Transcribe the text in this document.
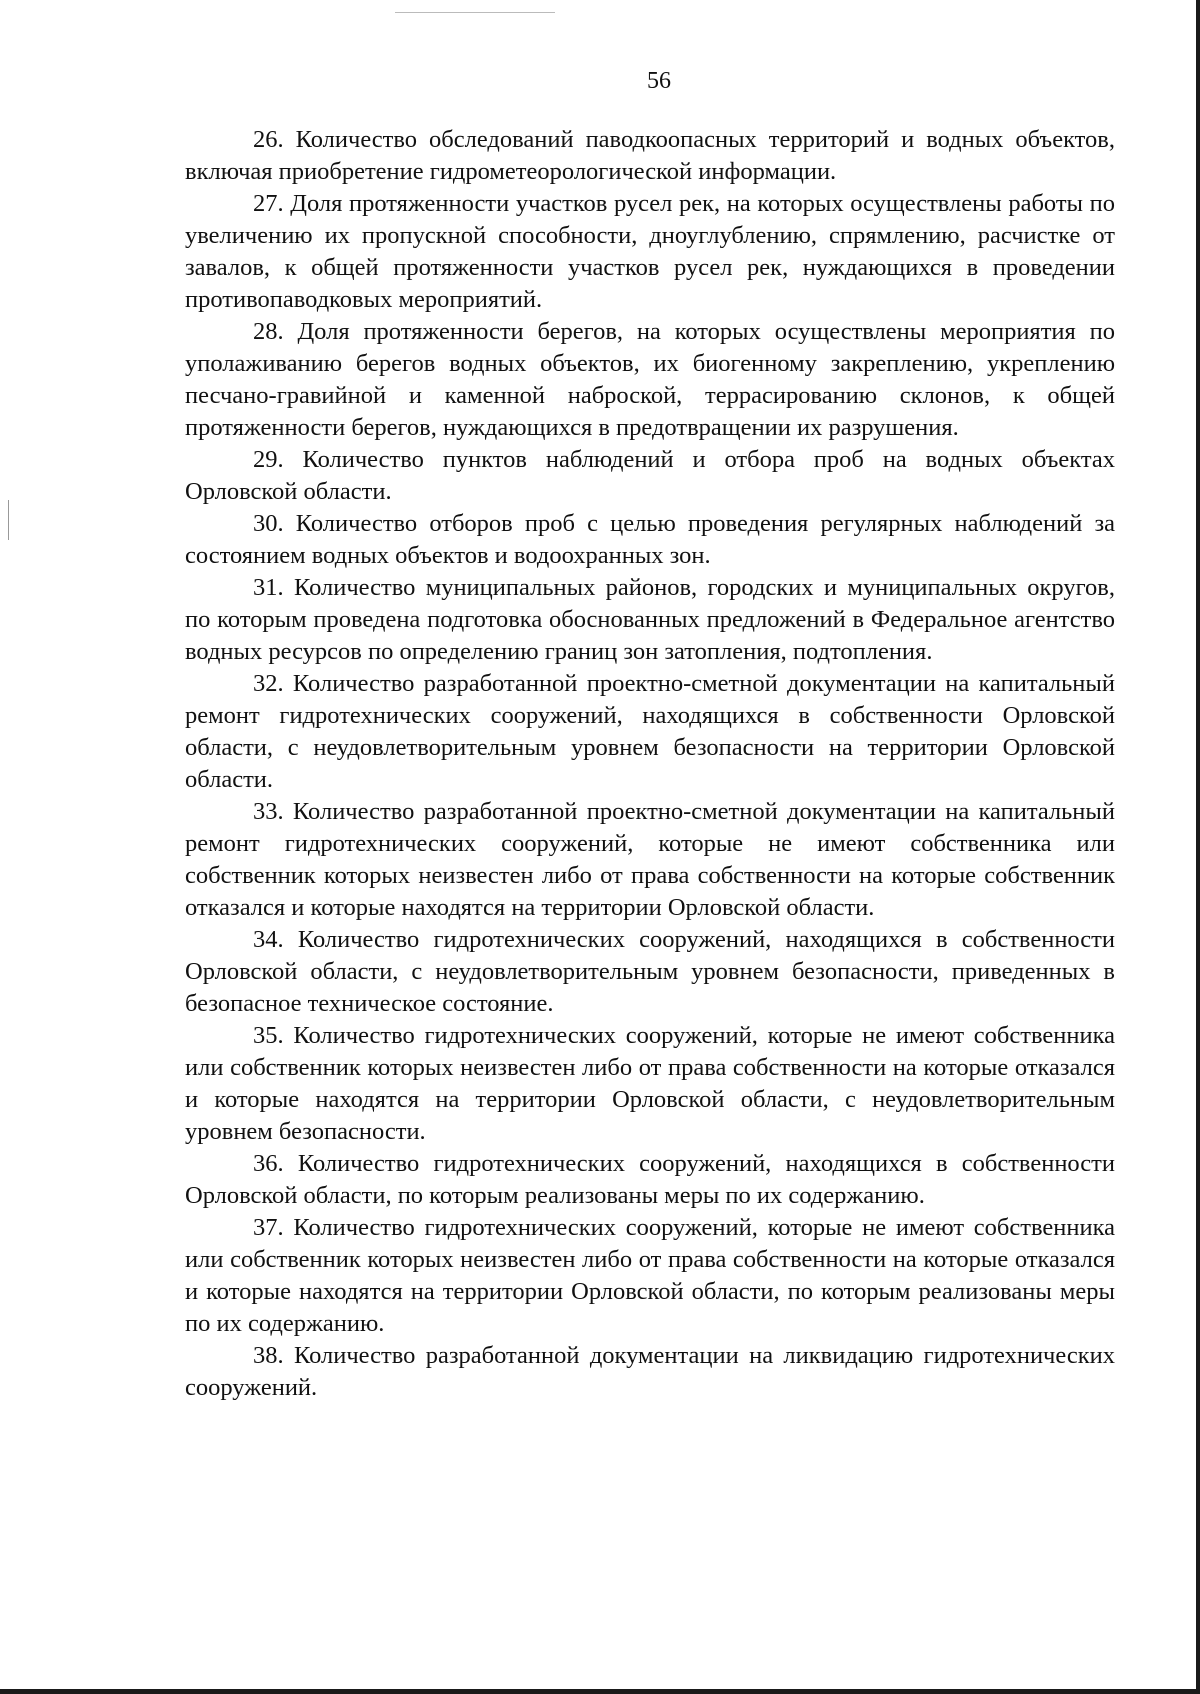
56

26. Количество обследований паводкоопасных территорий и водных объектов, включая приобретение гидрометеорологической информации.

27. Доля протяженности участков русел рек, на которых осуществлены работы по увеличению их пропускной способности, дноуглублению, спрямлению, расчистке от завалов, к общей протяженности участков русел рек, нуждающихся в проведении противопаводковых мероприятий.

28. Доля протяженности берегов, на которых осуществлены мероприятия по уполаживанию берегов водных объектов, их биогенному закреплению, укреплению песчано-гравийной и каменной наброской, террасированию склонов, к общей протяженности берегов, нуждающихся в предотвращении их разрушения.

29. Количество пунктов наблюдений и отбора проб на водных объектах Орловской области.

30. Количество отборов проб с целью проведения регулярных наблюдений за состоянием водных объектов и водоохранных зон.

31. Количество муниципальных районов, городских и муниципальных округов, по которым проведена подготовка обоснованных предложений в Федеральное агентство водных ресурсов по определению границ зон затопления, подтопления.

32. Количество разработанной проектно-сметной документации на капитальный ремонт гидротехнических сооружений, находящихся в собственности Орловской области, с неудовлетворительным уровнем безопасности на территории Орловской области.

33. Количество разработанной проектно-сметной документации на капитальный ремонт гидротехнических сооружений, которые не имеют собственника или собственник которых неизвестен либо от права собственности на которые собственник отказался и которые находятся на территории Орловской области.

34. Количество гидротехнических сооружений, находящихся в собственности Орловской области, с неудовлетворительным уровнем безопасности, приведенных в безопасное техническое состояние.

35. Количество гидротехнических сооружений, которые не имеют собственника или собственник которых неизвестен либо от права собственности на которые отказался и которые находятся на территории Орловской области, с неудовлетворительным уровнем безопасности.

36. Количество гидротехнических сооружений, находящихся в собственности Орловской области, по которым реализованы меры по их содержанию.

37. Количество гидротехнических сооружений, которые не имеют собственника или собственник которых неизвестен либо от права собственности на которые отказался и которые находятся на территории Орловской области, по которым реализованы меры по их содержанию.

38. Количество разработанной документации на ликвидацию гидротехнических сооружений.
